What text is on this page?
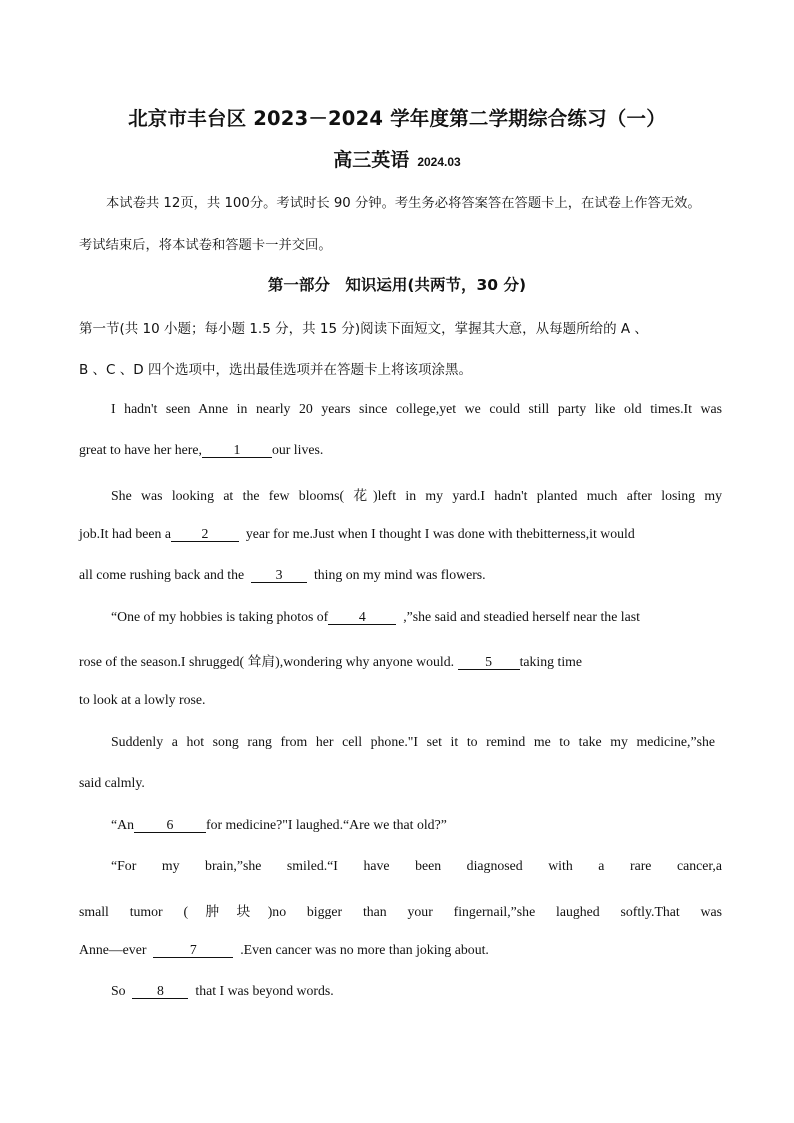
北京市丰台区 2023－2024 学年度第二学期综合练习（一）
高三英语 2024.03
本试卷共 12页，共 100分。考试时长 90 分钟。考生务必将答案答在答题卡上，在试卷上作答无效。
考试结束后，将本试卷和答题卡一并交回。
第一部分　知识运用(共两节，30 分)
第一节(共 10 小题；每小题 1.5 分，共 15 分)阅读下面短文，掌握其大意，从每题所给的 A 、
B 、C 、D 四个选项中，选出最佳选项并在答题卡上将该项涂黑。
I hadn't seen Anne in nearly 20 years since college,yet we could still party like old times.It was
great to have her here, 1 our lives.
She was looking at the few blooms( 花)left in my yard.I hadn't planted much after losing my
job.It had been a 2	year for me.Just when I thought I was done with thebitterness,it would
all come rushing back and the 3 thing on my mind was flowers.
“One of my hobbies is taking photos of 4	,”she said and steadied herself near the last
rose of the season.I shrugged( 耸肩),wondering why anyone would. 5 taking time
to look at a lowly rose.
Suddenly a hot song rang from her cell phone."I set it to remind me to take my medicine,”she
said calmly.
“An 6 for medicine?"I laughed.“Are we that old?”
“For my brain,”she smiled.“I have been diagnosed with a rare cancer,a
small tumor (肿块)no bigger than your fingernail,”she laughed softly.That was
Anne—ever	7	.Even cancer was no more than joking about.
So 8 that I was beyond words.
